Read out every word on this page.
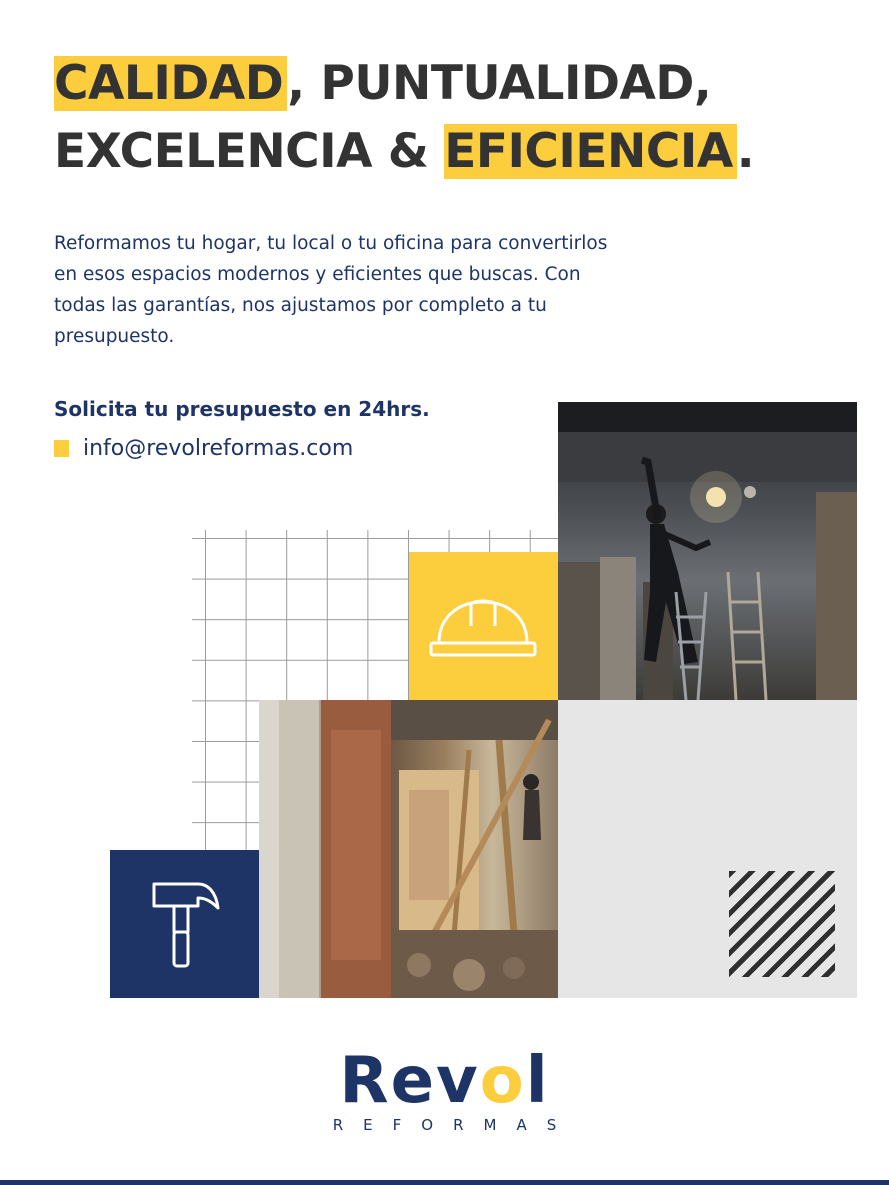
CALIDAD, PUNTUALIDAD,
EXCELENCIA & EFICIENCIA.

Reformamos tu hogar, tu local o tu oficina para convertirlos en esos espacios modernos y eficientes que buscas. Con todas las garantías, nos ajustamos por completo a tu presupuesto.

Solicita tu presupuesto en 24hrs.

info@revolreformas.com
Revol
REFORMAS
